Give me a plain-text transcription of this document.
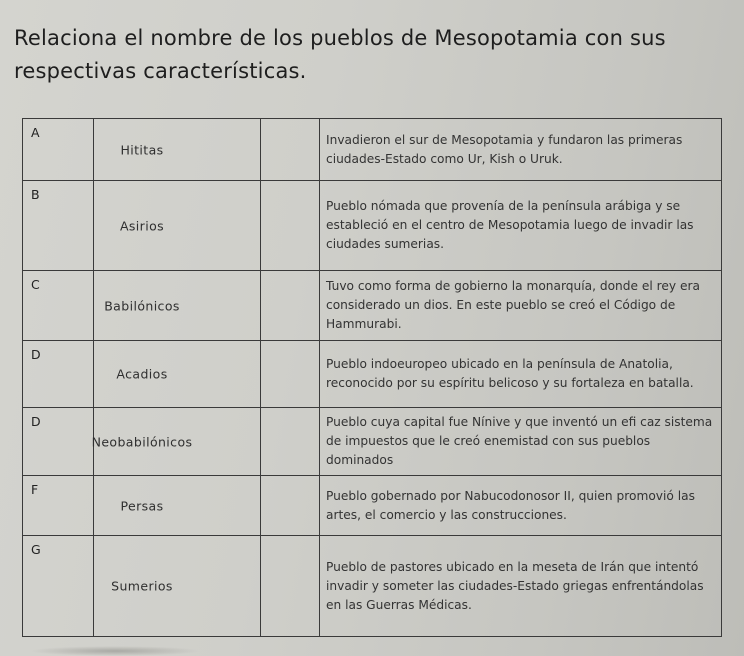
Relaciona el nombre de los pueblos de Mesopotamia con sus respectivas características.
A	Hititas		Invadieron el sur de Mesopotamia y fundaron las primeras ciudades-Estado como Ur, Kish o Uruk.

B	Asirios		Pueblo nómada que provenía de la península arábiga y se estableció en el centro de Mesopotamia luego de invadir las ciudades sumerias.

C	Babilónicos		Tuvo como forma de gobierno la monarquía, donde el rey era considerado un dios. En este pueblo se creó el Código de Hammurabi.

D	Acadios		Pueblo indoeuropeo ubicado en la península de Anatolia, reconocido por su espíritu belicoso y su fortaleza en batalla.

D	Neobabilónicos		Pueblo cuya capital fue Nínive y que inventó un efi caz sistema de impuestos que le creó enemistad con sus pueblos dominados

F	Persas		Pueblo gobernado por Nabucodonosor II, quien promovió las artes, el comercio y las construcciones.

G	Sumerios		Pueblo de pastores ubicado en la meseta de Irán que intentó invadir y someter las ciudades-Estado griegas enfrentándolas en las Guerras Médicas.
